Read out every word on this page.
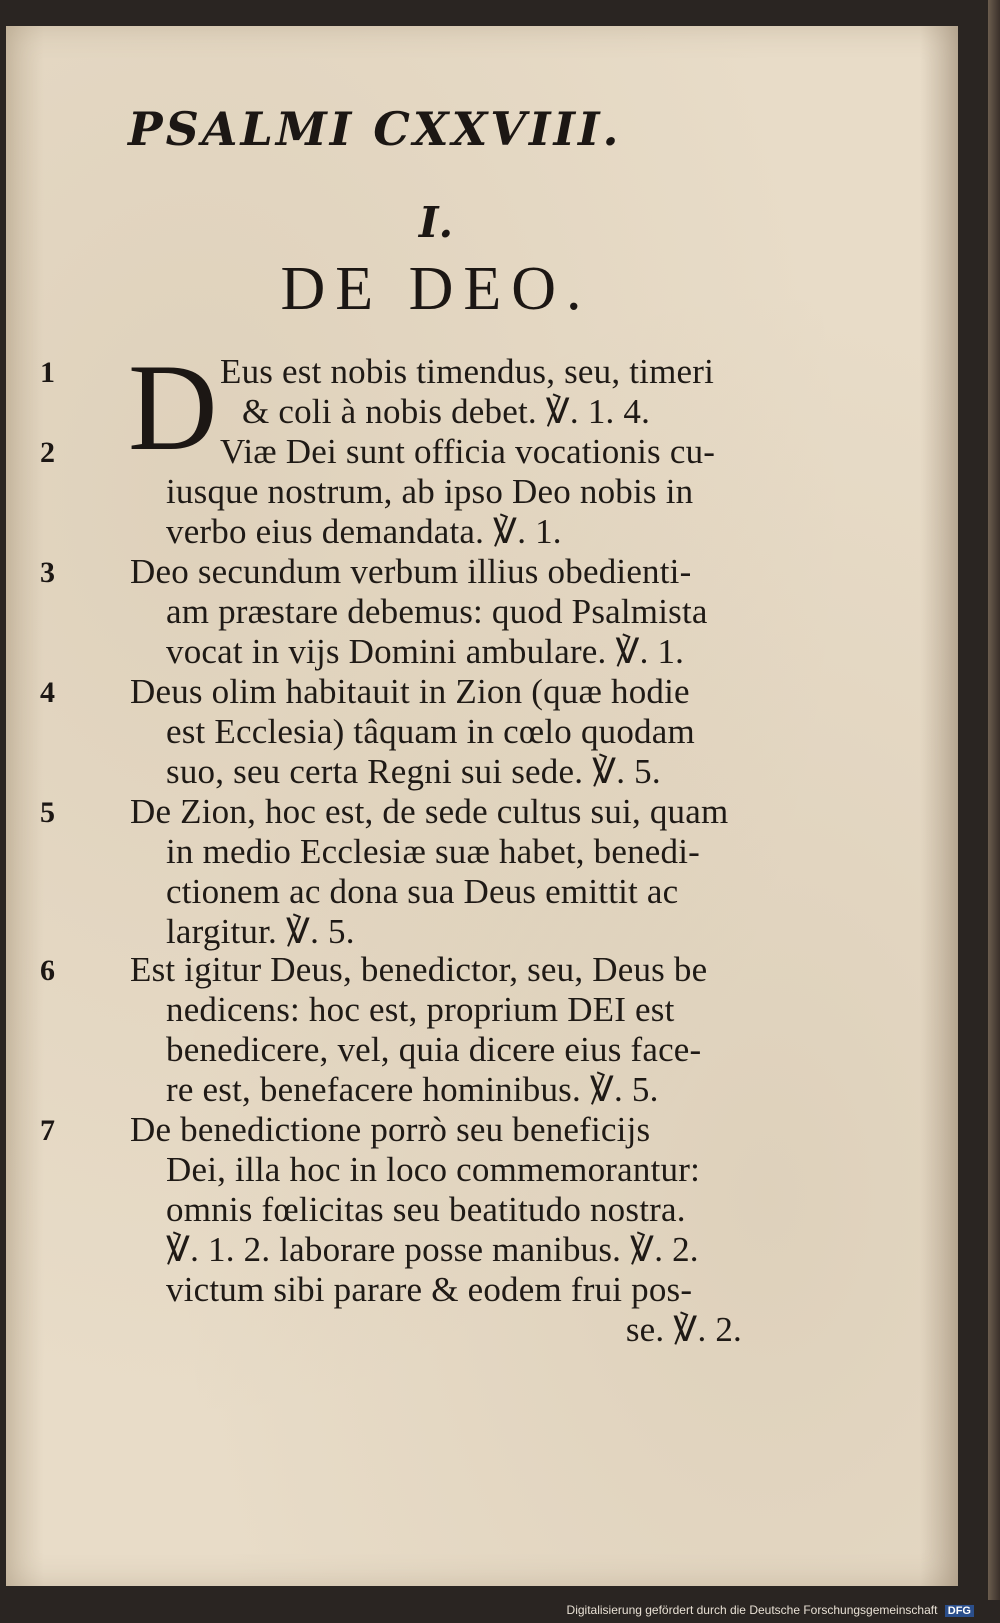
PSALMI CXXVIII.
I.
DE DEO.
D
1	Eus est nobis timendus, seu, timeri
& coli à nobis debet. ℣. 1. 4.
2	Viæ Dei sunt officia vocationis cu-
iusque nostrum, ab ipso Deo nobis in
verbo eius demandata. ℣. 1.
3	Deo secundum verbum illius obedienti-
am præstare debemus: quod Psalmista
vocat in vijs Domini ambulare. ℣. 1.
4	Deus olim habitauit in Zion (quæ hodie
est Ecclesia) tâquam in cœlo quodam
suo, seu certa Regni sui sede. ℣. 5.
5	De Zion, hoc est, de sede cultus sui, quam
in medio Ecclesiæ suæ habet, benedi-
ctionem ac dona sua Deus emittit ac
largitur. ℣. 5.
6	Est igitur Deus, benedictor, seu, Deus be
nedicens: hoc est, proprium DEI est
benedicere, vel, quia dicere eius face-
re est, benefacere hominibus. ℣. 5.
7	De benedictione porrò seu beneficijs
Dei, illa hoc in loco commemorantur:
omnis fœlicitas seu beatitudo nostra.
℣. 1. 2. laborare posse manibus. ℣. 2.
victum sibi parare & eodem frui pos-
se. ℣. 2.
Digitalisierung gefördert durch die Deutsche Forschungsgemeinschaft DFG
